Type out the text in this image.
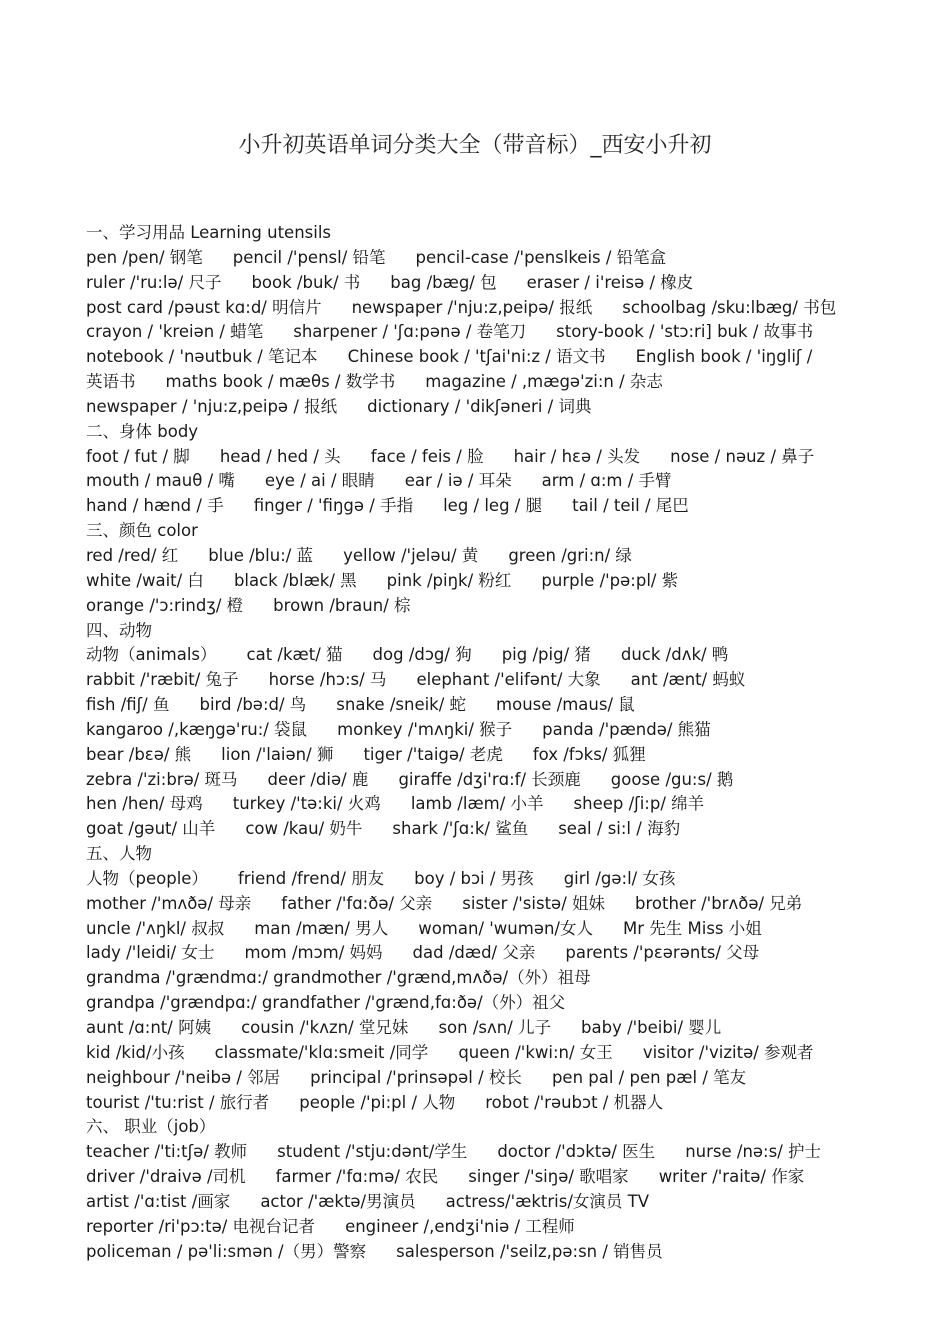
小升初英语单词分类大全（带音标）_西安小升初
一、学习用品 Learning utensils
pen /pen/ 钢笔 pencil /'pensl/ 铅笔 pencil-case /'penslkeis / 铅笔盒
ruler /'ru:lə/ 尺子 book /buk/ 书 bag /bæg/ 包 eraser / i'reisə / 橡皮
post card /pəust kɑ:d/ 明信片 newspaper /'nju:z,peipə/ 报纸 schoolbag /sku:lbæg/ 书包
crayon / 'kreiən / 蜡笔 sharpener / 'ʃɑ:pənə / 卷笔刀 story-book / 'stɔ:ri] buk / 故事书
notebook / 'nəutbuk / 笔记本 Chinese book / 'tʃai'ni:z / 语文书 English book / 'iŋgliʃ /
英语书 maths book / mæθs / 数学书 magazine / ,mægə'zi:n / 杂志
newspaper / 'nju:z,peipə / 报纸 dictionary / 'dikʃəneri / 词典
二、身体 body
foot / fut / 脚 head / hed / 头 face / feis / 脸 hair / hɛə / 头发 nose / nəuz / 鼻子
mouth / mauθ / 嘴 eye / ai / 眼睛 ear / iə / 耳朵 arm / ɑ:m / 手臂
hand / hænd / 手 finger / 'fiŋgə / 手指 leg / leg / 腿 tail / teil / 尾巴
三、颜色 color
red /red/ 红 blue /blu:/ 蓝 yellow /'jeləu/ 黄 green /gri:n/ 绿
white /wait/ 白 black /blæk/ 黑 pink /piŋk/ 粉红 purple /'pə:pl/ 紫
orange /'ɔ:rindʒ/ 橙 brown /braun/ 棕
四、动物
动物（animals） cat /kæt/ 猫 dog /dɔg/ 狗 pig /pig/ 猪 duck /dʌk/ 鸭
rabbit /'ræbit/ 兔子 horse /hɔ:s/ 马 elephant /'elifənt/ 大象 ant /ænt/ 蚂蚁
fish /fiʃ/ 鱼 bird /bə:d/ 鸟 snake /sneik/ 蛇 mouse /maus/ 鼠
kangaroo /,kæŋgə'ru:/ 袋鼠 monkey /'mʌŋki/ 猴子 panda /'pændə/ 熊猫
bear /bɛə/ 熊 lion /'laiən/ 狮 tiger /'taigə/ 老虎 fox /fɔks/ 狐狸
zebra /'zi:brə/ 斑马 deer /diə/ 鹿 giraffe /dʒi'rɑ:f/ 长颈鹿 goose /gu:s/ 鹅
hen /hen/ 母鸡 turkey /'tə:ki/ 火鸡 lamb /læm/ 小羊 sheep /ʃi:p/ 绵羊
goat /gəut/ 山羊 cow /kau/ 奶牛 shark /'ʃɑ:k/ 鲨鱼 seal / si:l / 海豹
五、人物
人物（people） friend /frend/ 朋友 boy / bɔi / 男孩 girl /gə:l/ 女孩
mother /'mʌðə/ 母亲 father /'fɑ:ðə/ 父亲 sister /'sistə/ 姐妹 brother /'brʌðə/ 兄弟
uncle /'ʌŋkl/ 叔叔 man /mæn/ 男人 woman/ 'wumən/女人 Mr 先生 Miss 小姐
lady /'leidi/ 女士 mom /mɔm/ 妈妈 dad /dæd/ 父亲 parents /'pɛərənts/ 父母
grandma /'grændmɑ:/ grandmother /'grænd,mʌðə/（外）祖母
grandpa /'grændpɑ:/ grandfather /'grænd,fɑ:ðə/（外）祖父
aunt /ɑ:nt/ 阿姨 cousin /'kʌzn/ 堂兄妹 son /sʌn/ 儿子 baby /'beibi/ 婴儿
kid /kid/小孩 classmate/'klɑ:smeit /同学 queen /'kwi:n/ 女王 visitor /'vizitə/ 参观者
neighbour /'neibə / 邻居 principal /'prinsəpəl / 校长 pen pal / pen pæl / 笔友
tourist /'tu:rist / 旅行者 people /'pi:pl / 人物 robot /'rəubɔt / 机器人
六、 职业（job）
teacher /'ti:tʃə/ 教师 student /'stju:dənt/学生 doctor /'dɔktə/ 医生 nurse /nə:s/ 护士
driver /'draivə /司机 farmer /'fɑ:mə/ 农民 singer /'siŋə/ 歌唱家 writer /'raitə/ 作家
artist /'ɑ:tist /画家 actor /'æktə/男演员 actress/'æktris/女演员 TV
reporter /ri'pɔ:tə/ 电视台记者 engineer /,endʒi'niə / 工程师
policeman / pə'li:smən /（男）警察 salesperson /'seilz,pə:sn / 销售员
